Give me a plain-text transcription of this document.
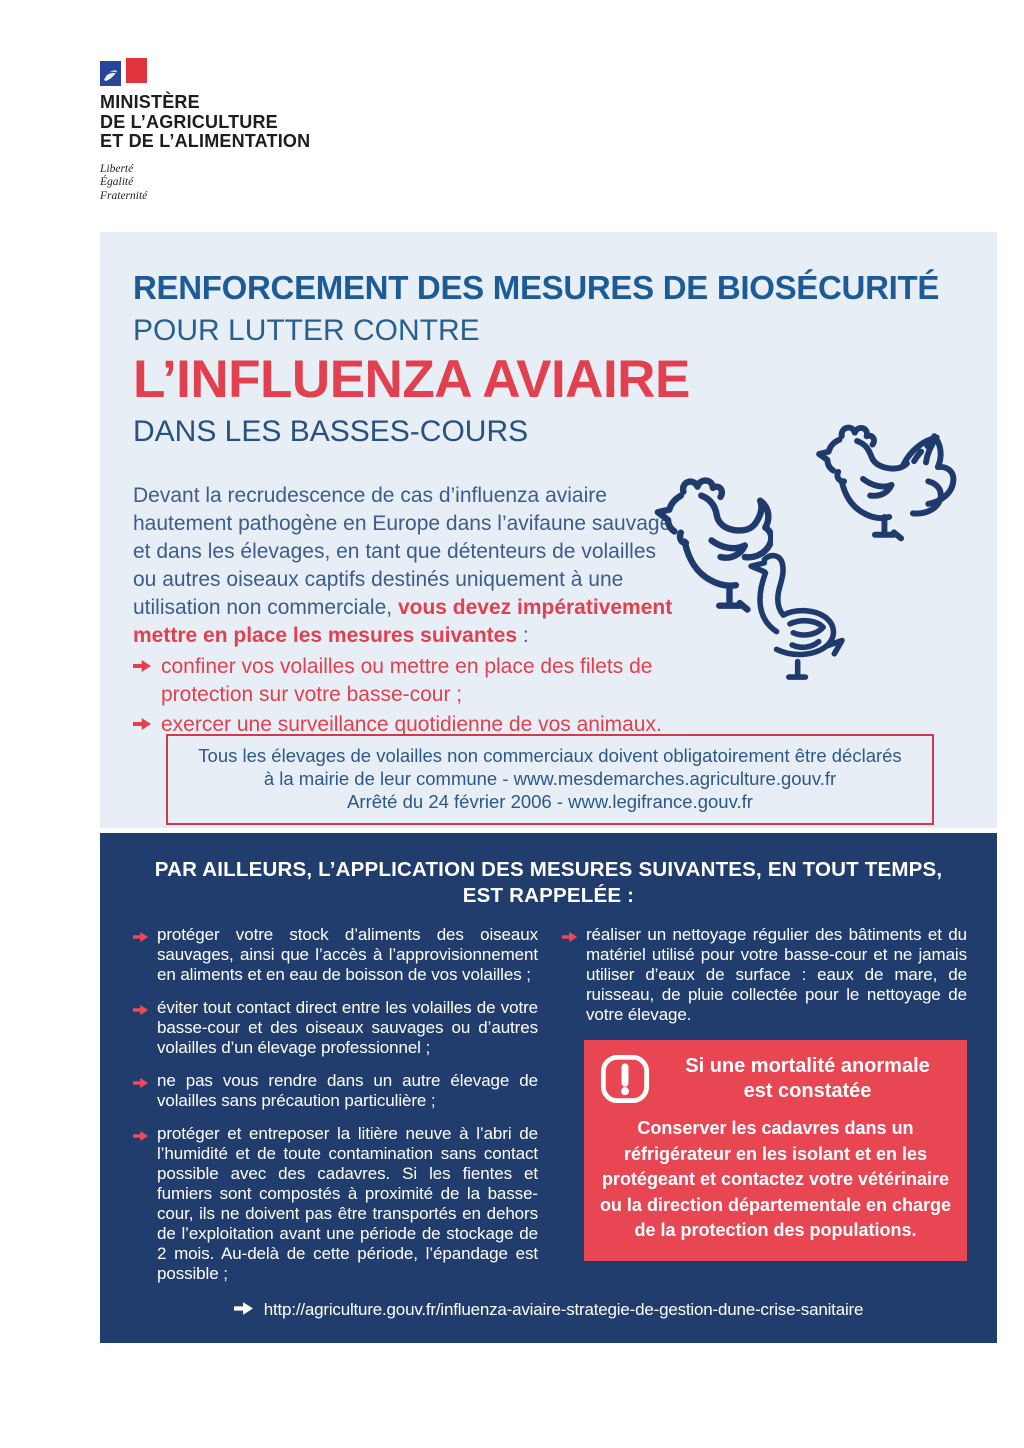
MINISTÈRE
DE L’AGRICULTURE
ET DE L’ALIMENTATION
Liberté
Égalité
Fraternité
RENFORCEMENT DES MESURES DE BIOSÉCURITÉ
POUR LUTTER CONTRE
L’INFLUENZA AVIAIRE
DANS LES BASSES-COURS
Devant la recrudescence de cas d’influenza aviaire hautement pathogène en Europe dans l’avifaune sauvage et dans les élevages, en tant que détenteurs de volailles ou autres oiseaux captifs destinés uniquement à une utilisation non commerciale, vous devez impérativement mettre en place les mesures suivantes :
confiner vos volailles ou mettre en place des filets de protection sur votre basse-cour ;
exercer une surveillance quotidienne de vos animaux.
Tous les élevages de volailles non commerciaux doivent obligatoirement être déclarés
à la mairie de leur commune - www.mesdemarches.agriculture.gouv.fr
Arrêté du 24 février 2006 - www.legifrance.gouv.fr
PAR AILLEURS, L’APPLICATION DES MESURES SUIVANTES, EN TOUT TEMPS, EST RAPPELÉE :
protéger votre stock d’aliments des oiseaux sauvages, ainsi que l’accès à l’approvisionnement en aliments et en eau de boisson de vos volailles ;
éviter tout contact direct entre les volailles de votre basse-cour et des oiseaux sauvages ou d’autres volailles d’un élevage professionnel ;
ne pas vous rendre dans un autre élevage de volailles sans précaution particulière ;
protéger et entreposer la litière neuve à l’abri de l’humidité et de toute contamination sans contact possible avec des cadavres. Si les fientes et fumiers sont compostés à proximité de la basse-cour, ils ne doivent pas être transportés en dehors de l’exploitation avant une période de stockage de 2 mois. Au-delà de cette période, l’épandage est possible ;
réaliser un nettoyage régulier des bâtiments et du matériel utilisé pour votre basse-cour et ne jamais utiliser d’eaux de surface : eaux de mare, de ruisseau, de pluie collectée pour le nettoyage de votre élevage.
Si une mortalité anormale
est constatée
Conserver les cadavres dans un réfrigérateur en les isolant et en les protégeant et contactez votre vétérinaire ou la direction départementale en charge de la protection des populations.
http://agriculture.gouv.fr/influenza-aviaire-strategie-de-gestion-dune-crise-sanitaire
